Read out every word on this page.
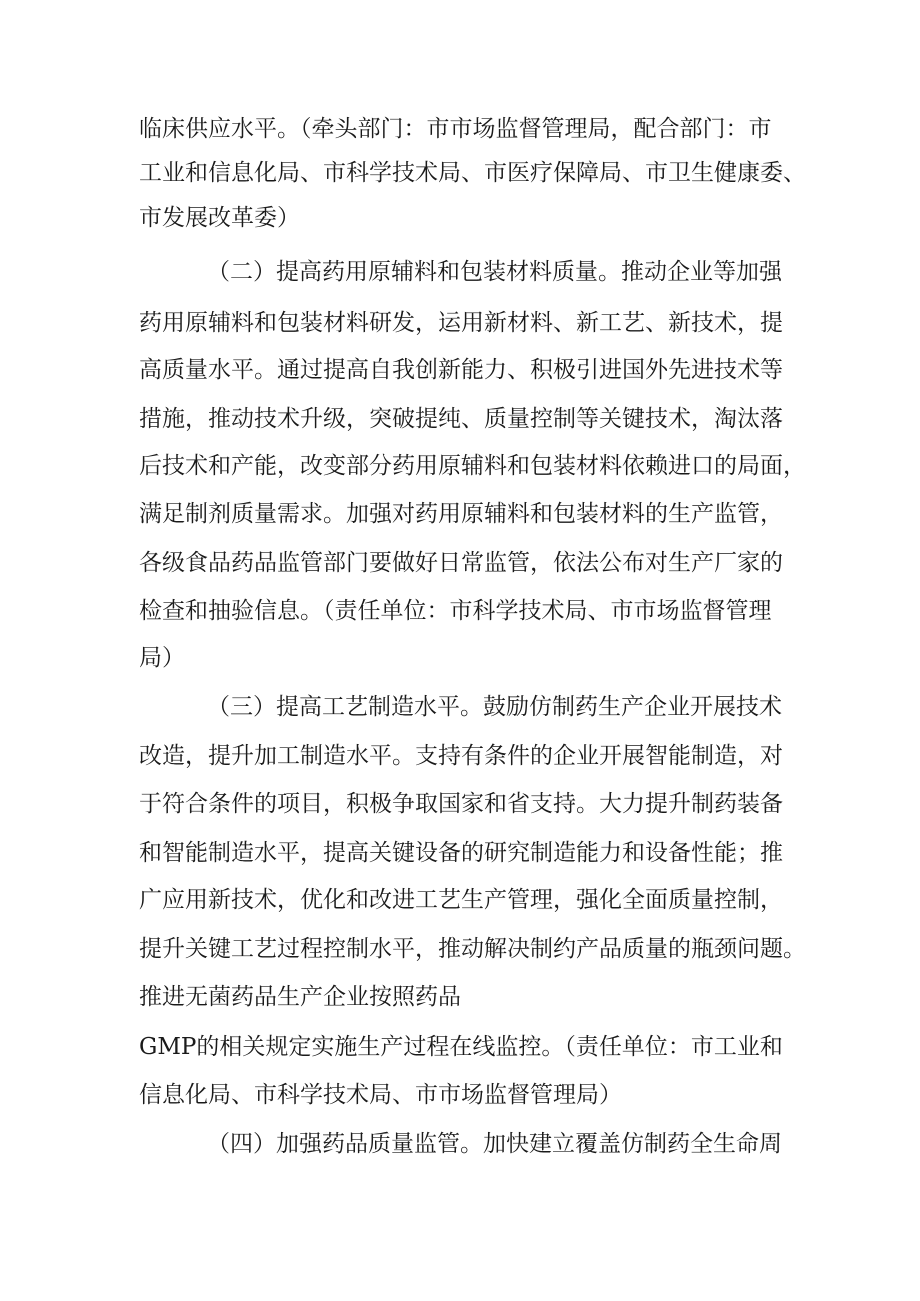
临床供应水平。（牵头部门：市市场监督管理局，配合部门：市
工业和信息化局、市科学技术局、市医疗保障局、市卫生健康委、
市发展改革委）
（二）提高药用原辅料和包装材料质量。推动企业等加强
药用原辅料和包装材料研发，运用新材料、新工艺、新技术，提
高质量水平。通过提高自我创新能力、积极引进国外先进技术等
措施，推动技术升级，突破提纯、质量控制等关键技术，淘汰落
后技术和产能，改变部分药用原辅料和包装材料依赖进口的局面，
满足制剂质量需求。加强对药用原辅料和包装材料的生产监管，
各级食品药品监管部门要做好日常监管，依法公布对生产厂家的
检查和抽验信息。（责任单位：市科学技术局、市市场监督管理
局）
（三）提高工艺制造水平。鼓励仿制药生产企业开展技术
改造，提升加工制造水平。支持有条件的企业开展智能制造，对
于符合条件的项目，积极争取国家和省支持。大力提升制药装备
和智能制造水平，提高关键设备的研究制造能力和设备性能；推
广应用新技术，优化和改进工艺生产管理，强化全面质量控制，
提升关键工艺过程控制水平，推动解决制约产品质量的瓶颈问题。
推进无菌药品生产企业按照药品
GMP的相关规定实施生产过程在线监控。（责任单位：市工业和
信息化局、市科学技术局、市市场监督管理局）
（四）加强药品质量监管。加快建立覆盖仿制药全生命周
